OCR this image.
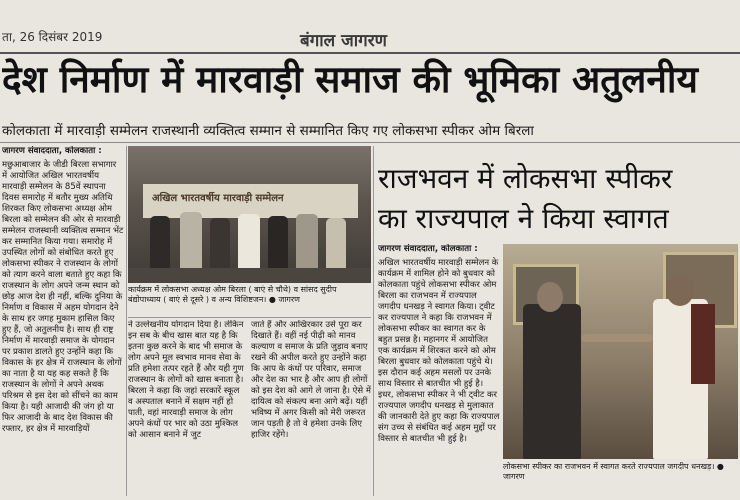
ता, 26 दिसंबर 2019	बंगाल जागरण
देश निर्माण में मारवाड़ी समाज की भूमिका अतुलनीय
कोलकाता में मारवाड़ी सम्मेलन राजस्थानी व्यक्तित्व सम्मान से सम्मानित किए गए लोकसभा स्पीकर ओम बिरला

जागरण संवाददाता, कोलकाता :

मछुआबाजार के जीडी बिरला सभागार में आयोजित अखिल भारतवर्षीय मारवाड़ी सम्मेलन के 85वें स्थापना दिवस समारोह में बतौर मुख्य अतिथि शिरकत किए लोकसभा अध्यक्ष ओम बिरला को सम्मेलन की ओर से मारवाड़ी सम्मेलन राजस्थानी व्यक्तित्व सम्मान भेंट कर सम्मानित किया गया। समारोह में उपस्थित लोगों को संबोधित करते हुए लोकसभा स्पीकर ने राजस्थान के लोगों को त्याग करने वाला बताते हुए कहा कि राजस्थान के लोग अपने जन्म स्थान को छोड़ आज देश ही नहीं, बल्कि दुनिया के निर्माण व विकास में अहम योगदान देने के साथ हर जगह मुकाम हासिल किए हुए हैं, जो अतुलनीय है। साथ ही राष्ट्र निर्माण में मारवाड़ी समाज के योगदान पर प्रकाश डालते हुए उन्होंने कहा कि विकास के हर क्षेत्र में राजस्थान के लोगों का नाता है या यह कह सकते हैं कि राजस्थान के लोगों ने अपने अथक परिश्रम से इस देश को सींचने का काम किया है। यही आजादी की जंग हो या फिर आजादी के बाद देश विकास की रफ्तार, हर क्षेत्र में मारवाड़ियों

अखिल भारतवर्षीय मारवाड़ी सम्मेलन
कार्यक्रम में लोकसभा अध्यक्ष ओम बिरला ( बाएं से चौथे) व सांसद सुदीप बंद्योपाध्याय ( बाएं से दूसरे ) व अन्य विशिष्टजन। ● जागरण

ने उल्लेखनीय योगदान दिया है। लेकिन इन सब के बीच खास बात यह है कि इतना कुछ करने के बाद भी समाज के लोग अपने मूल स्वभाव मानव सेवा के प्रति हमेशा तत्पर रहते हैं और यही गुण राजस्थान के लोगों को खास बनाता है। बिरला ने कहा कि जहां सरकारें स्कूल व अस्पताल बनाने में सक्षम नहीं हो पाती, वहां मारवाड़ी समाज के लोग अपने कंधों पर भार को उठा मुश्किल को आसान बनाने में जुट

जाते हैं और आखिरकार उसे पूरा कर दिखाते हैं। वहीं नई पीढ़ी को मानव कल्याण व समाज के प्रति जुड़ाव बनाए रखने की अपील करते हुए उन्होंने कहा कि आप के कंधों पर परिवार, समाज और देश का भार है और आप ही लोगों को इस देश को आगे ले जाना है। ऐसे में दायित्व को संकल्प बना आगे बढ़ें। यहीं भविष्य में अगर किसी को मेरी जरूरत जान पड़ती है तो वे हमेशा उनके लिए हाजिर रहेंगे।

राजभवन में लोकसभा स्पीकर
का राज्यपाल ने किया स्वागत

जागरण संवाददाता, कोलकाता :

अखिल भारतवर्षीय मारवाड़ी सम्मेलन के कार्यक्रम में शामिल होने को बुधवार को कोलकाता पहुंचे लोकसभा स्पीकर ओम बिरला का राजभवन में राज्यपाल जगदीप धनखड़ ने स्वागत किया। ट्वीट कर राज्यपाल ने कहा कि राजभवन में लोकसभा स्पीकर का स्वागत कर के बहुत प्रसन्न है। महानगर में आयोजित एक कार्यक्रम में शिरकत करने को ओम बिरला बुधवार को कोलकाता पहुंचे थे। इस दौरान कई अहम मसलों पर उनके साथ विस्तार से बातचीत भी हुई है। इधर, लोकसभा स्पीकर ने भी ट्वीट कर राज्यपाल जगदीप धनखड़ से मुलाकात की जानकारी देते हुए कहा कि राज्यपाल संग उच्च से संबंधित कई अहम मुद्दों पर विस्तार से बातचीत भी हुई है।

लोकसभा स्पीकर का राजभवन में स्वागत करते राज्यपाल जगदीप धनखड़। ● जागरण
